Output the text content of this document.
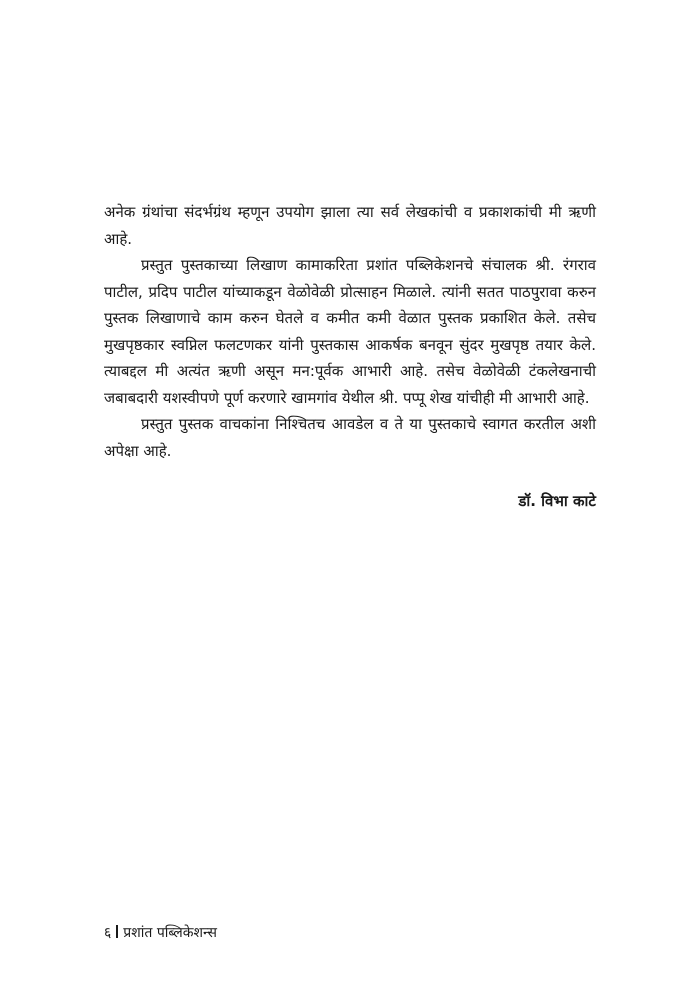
अनेक ग्रंथांचा संदर्भग्रंथ म्हणून उपयोग झाला त्या सर्व लेखकांची व प्रकाशकांची मी ऋणी आहे.

प्रस्तुत पुस्तकाच्या लिखाण कामाकरिता प्रशांत पब्लिकेशनचे संचालक श्री. रंगराव पाटील, प्रदिप पाटील यांच्याकडून वेळोवेळी प्रोत्साहन मिळाले. त्यांनी सतत पाठपुरावा करुन पुस्तक लिखाणाचे काम करुन घेतले व कमीत कमी वेळात पुस्तक प्रकाशित केले. तसेच मुखपृष्ठकार स्वप्निल फलटणकर यांनी पुस्तकास आकर्षक बनवून सुंदर मुखपृष्ठ तयार केले. त्याबद्दल मी अत्यंत ऋणी असून मन:पूर्वक आभारी आहे. तसेच वेळोवेळी टंकलेखनाची जबाबदारी यशस्वीपणे पूर्ण करणारे खामगांव येथील श्री. पप्पू शेख यांचीही मी आभारी आहे.

प्रस्तुत पुस्तक वाचकांना निश्चितच आवडेल व ते या पुस्तकाचे स्वागत करतील अशी अपेक्षा आहे.

डॉ. विभा काटे

६ प्रशांत पब्लिकेशन्स
